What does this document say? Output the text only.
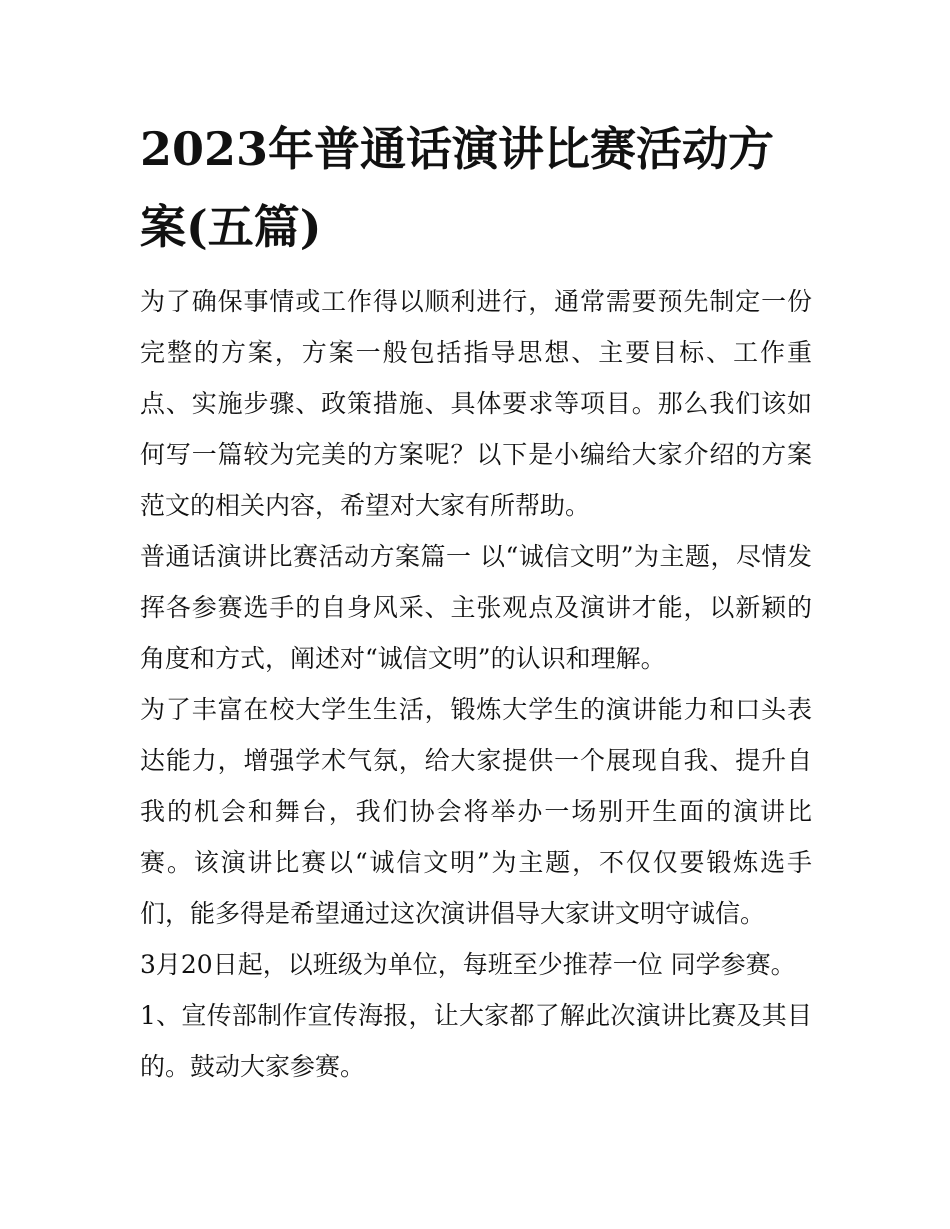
2023年普通话演讲比赛活动方案(五篇)

为了确保事情或工作得以顺利进行，通常需要预先制定一份完整的方案，方案一般包括指导思想、主要目标、工作重点、实施步骤、政策措施、具体要求等项目。那么我们该如何写一篇较为完美的方案呢？以下是小编给大家介绍的方案范文的相关内容，希望对大家有所帮助。

普通话演讲比赛活动方案篇一 以“诚信文明”为主题，尽情发挥各参赛选手的自身风采、主张观点及演讲才能，以新颖的角度和方式，阐述对“诚信文明”的认识和理解。

为了丰富在校大学生生活，锻炼大学生的演讲能力和口头表达能力，增强学术气氛，给大家提供一个展现自我、提升自我的机会和舞台，我们协会将举办一场别开生面的演讲比赛。该演讲比赛以“诚信文明”为主题，不仅仅要锻炼选手们，能多得是希望通过这次演讲倡导大家讲文明守诚信。

3月20日起，以班级为单位，每班至少推荐一位 同学参赛。

1、宣传部制作宣传海报，让大家都了解此次演讲比赛及其目的。鼓动大家参赛。
